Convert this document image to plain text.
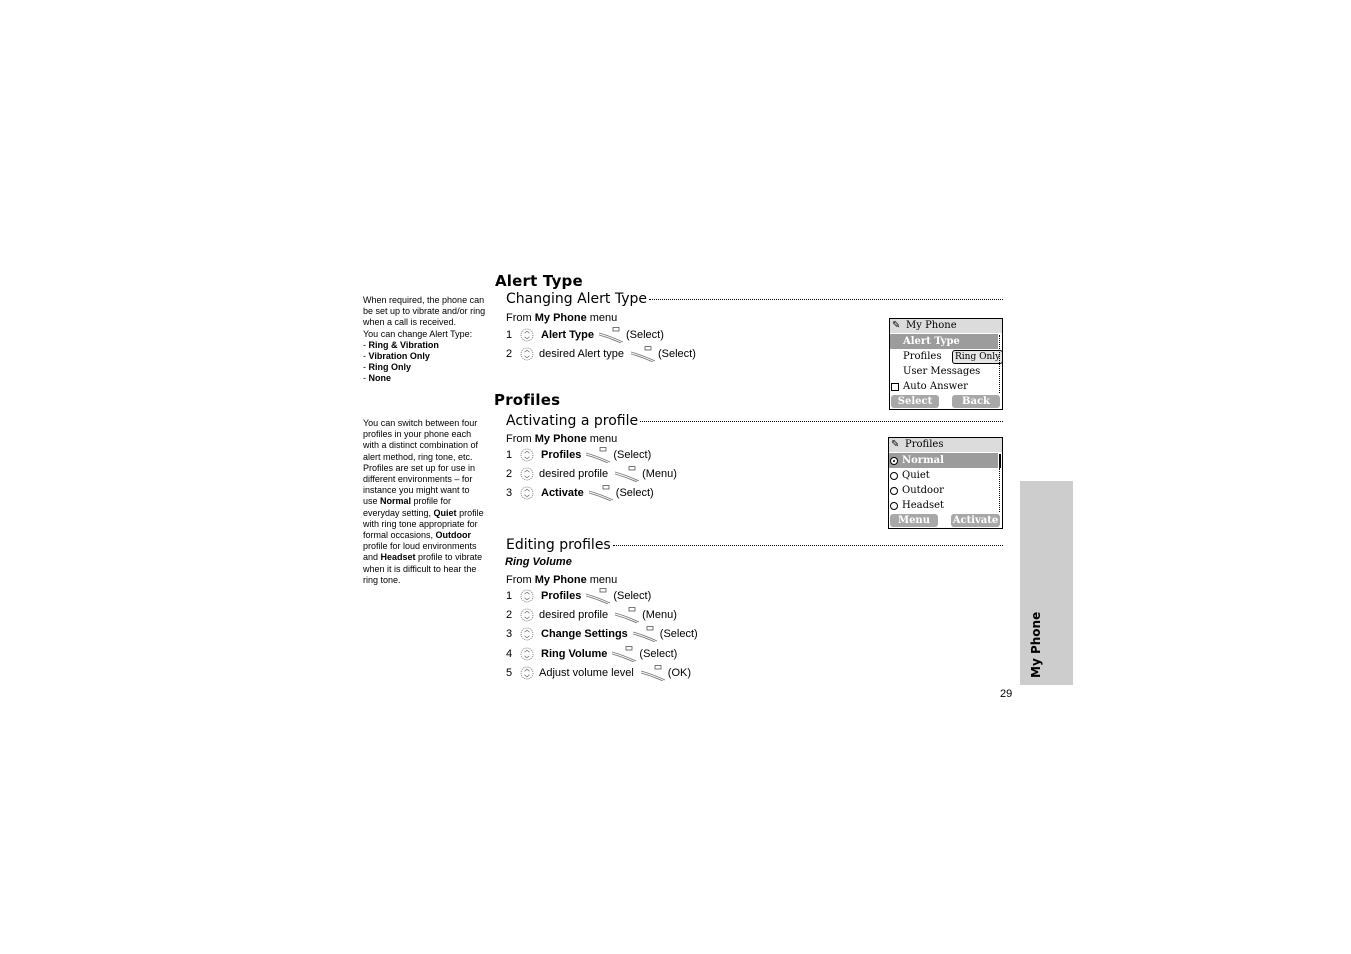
Alert Type
Changing Alert Type
When required, the phone can
be set up to vibrate and/or ring
when a call is received.
You can change Alert Type:
- Ring & Vibration
- Vibration Only
- Ring Only
- None
From My Phone menu
1	Alert Type	(Select)
2	desired Alert type	(Select)
✎ My Phone
Alert Type
Profiles	Ring Only
User Messages
Auto Answer
Select	Back
Profiles
Activating a profile
You can switch between four
profiles in your phone each
with a distinct combination of
alert method, ring tone, etc.
Profiles are set up for use in
different environments – for
instance you might want to
use Normal profile for
everyday setting, Quiet profile
with ring tone appropriate for
formal occasions, Outdoor
profile for loud environments
and Headset profile to vibrate
when it is difficult to hear the
ring tone.
From My Phone menu
1	Profiles	(Select)
2	desired profile	(Menu)
3	Activate	(Select)
✎ Profiles
Normal
Quiet
Outdoor
Headset
Menu	Activate
Editing profiles
Ring Volume
From My Phone menu
1	Profiles	(Select)
2	desired profile	(Menu)
3	Change Settings	(Select)
4	Ring Volume	(Select)
5	Adjust volume level	(OK)	My Phone
29
